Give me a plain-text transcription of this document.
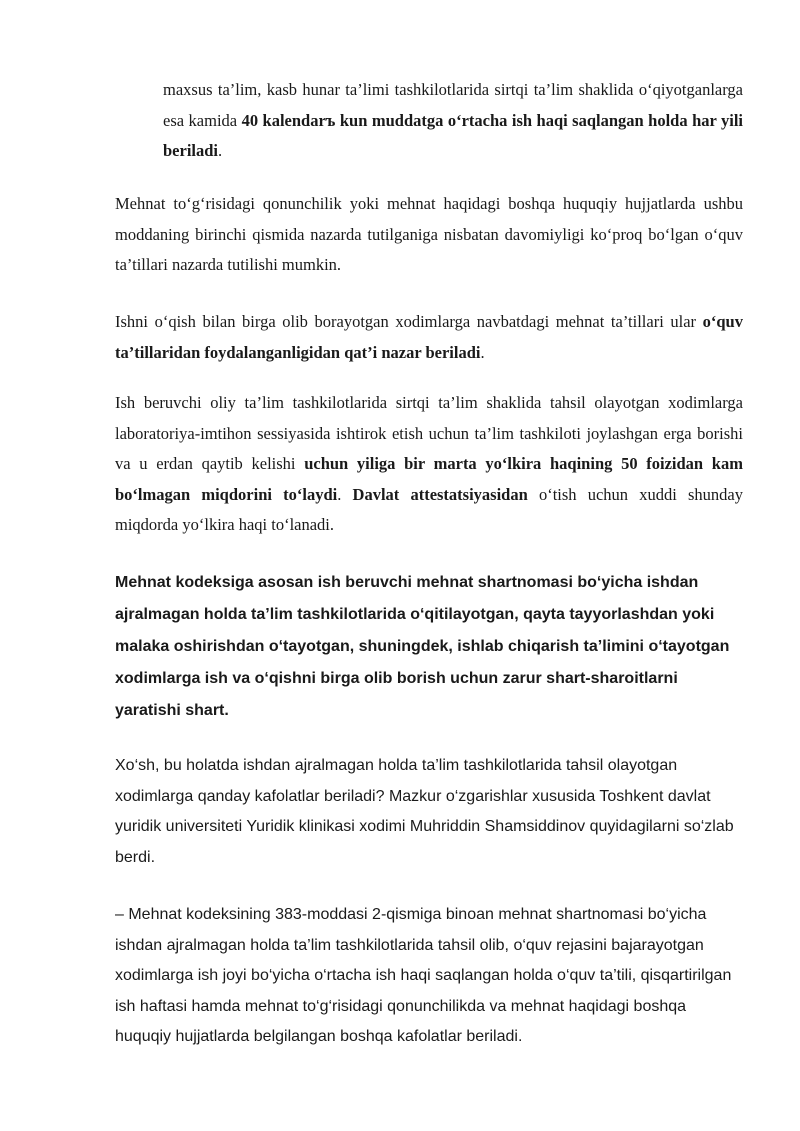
maxsus ta’lim, kasb hunar ta’limi tashkilotlarida sirtqi ta’lim shaklida o‘qiyotganlarga esa kamida 40 kalendarъ kun muddatga o‘rtacha ish haqi saqlangan holda har yili beriladi.

Mehnat to‘g‘risidagi qonunchilik yoki mehnat haqidagi boshqa huquqiy hujjatlarda ushbu moddaning birinchi qismida nazarda tutilganiga nisbatan davomiyligi ko‘proq bo‘lgan o‘quv ta’tillari nazarda tutilishi mumkin.

Ishni o‘qish bilan birga olib borayotgan xodimlarga navbatdagi mehnat ta’tillari ular o‘quv ta’tillaridan foydalanganligidan qat’i nazar beriladi.

Ish beruvchi oliy ta’lim tashkilotlarida sirtqi ta’lim shaklida tahsil olayotgan xodimlarga laboratoriya-imtihon sessiyasida ishtirok etish uchun ta’lim tashkiloti joylashgan erga borishi va u erdan qaytib kelishi uchun yiliga bir marta yo‘lkira haqining 50 foizidan kam bo‘lmagan miqdorini to‘laydi. Davlat attestatsiyasidan o‘tish uchun xuddi shunday miqdorda yo‘lkira haqi to‘lanadi.

Mehnat kodeksiga asosan ish beruvchi mehnat shartnomasi bo‘yicha ishdan ajralmagan holda ta’lim tashkilotlarida o‘qitilayotgan, qayta tayyorlashdan yoki malaka oshirishdan o‘tayotgan, shuningdek, ishlab chiqarish ta’limini o‘tayotgan xodimlarga ish va o‘qishni birga olib borish uchun zarur shart-sharoitlarni yaratishi shart.

Xo‘sh, bu holatda ishdan ajralmagan holda ta’lim tashkilotlarida tahsil olayotgan xodimlarga qanday kafolatlar beriladi? Mazkur o‘zgarishlar xususida Toshkent davlat yuridik universiteti Yuridik klinikasi xodimi Muhriddin Shamsiddinov quyidagilarni so‘zlab berdi.

– Mehnat kodeksining 383-moddasi 2-qismiga binoan mehnat shartnomasi bo‘yicha ishdan ajralmagan holda ta’lim tashkilotlarida tahsil olib, o‘quv rejasini bajarayotgan xodimlarga ish joyi bo‘yicha o‘rtacha ish haqi saqlangan holda o‘quv ta’tili, qisqartirilgan ish haftasi hamda mehnat to‘g‘risidagi qonunchilikda va mehnat haqidagi boshqa huquqiy hujjatlarda belgilangan boshqa kafolatlar beriladi.
